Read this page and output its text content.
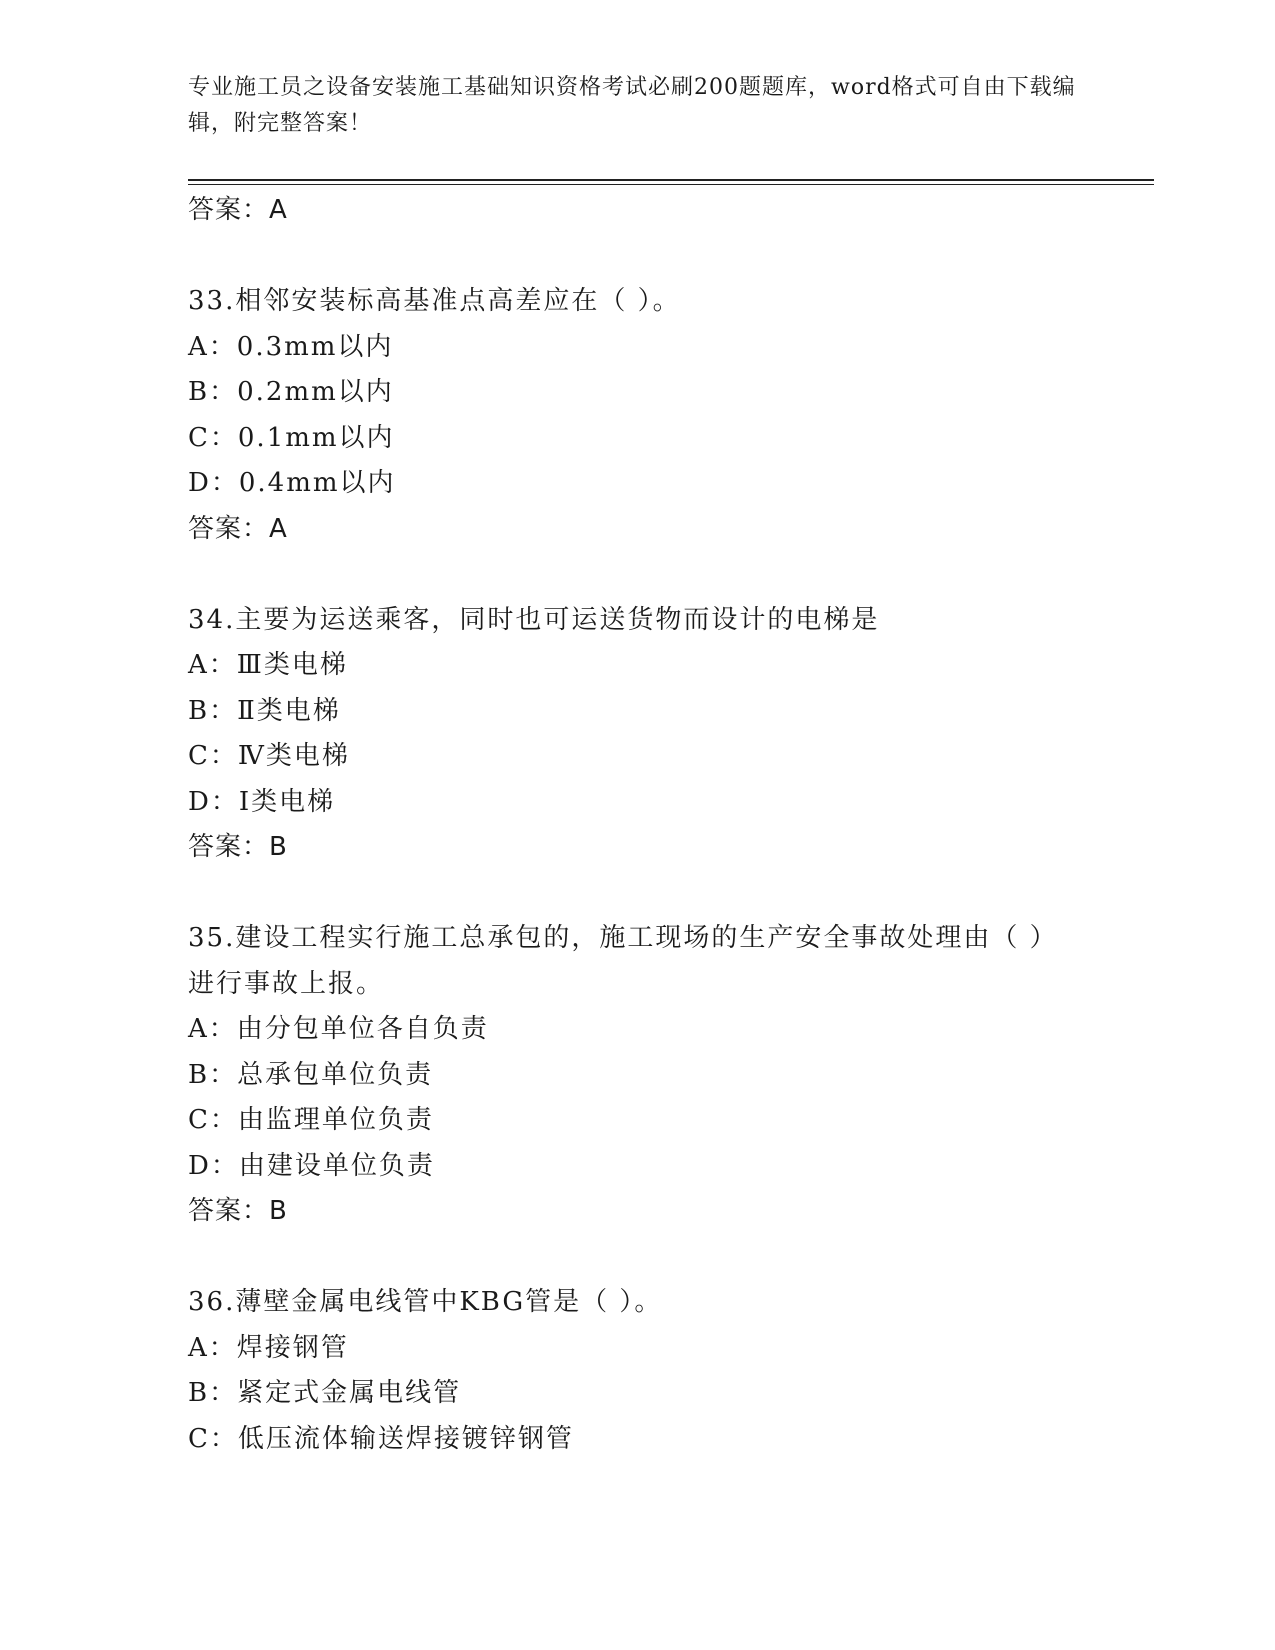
专业施工员之设备安装施工基础知识资格考试必刷200题题库，word格式可自由下载编辑，附完整答案！
答案：A
33.相邻安装标高基准点高差应在（ ）。
A：0.3mm以内
B：0.2mm以内
C：0.1mm以内
D：0.4mm以内
答案：A
34.主要为运送乘客，同时也可运送货物而设计的电梯是
A：Ⅲ类电梯
B：Ⅱ类电梯
C：Ⅳ类电梯
D：Ⅰ类电梯
答案：B
35.建设工程实行施工总承包的，施工现场的生产安全事故处理由（ ）进行事故上报。
A：由分包单位各自负责
B：总承包单位负责
C：由监理单位负责
D：由建设单位负责
答案：B
36.薄壁金属电线管中KBG管是（ ）。
A：焊接钢管
B：紧定式金属电线管
C：低压流体输送焊接镀锌钢管
